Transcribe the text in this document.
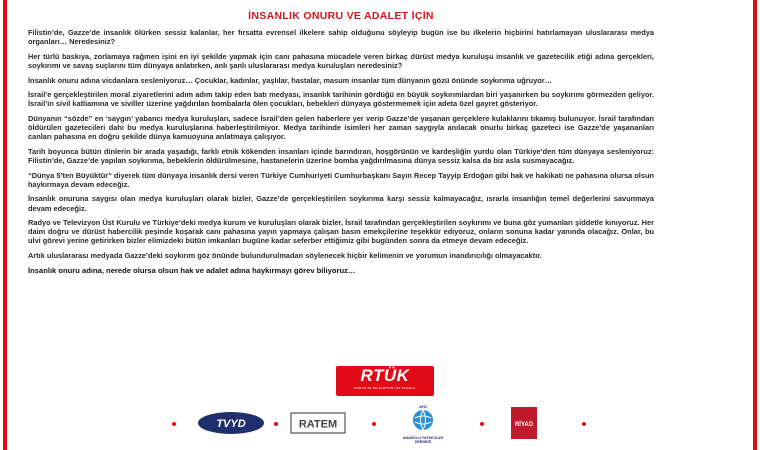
İNSANLIK ONURU VE ADALET İÇİN

Filistin’de, Gazze’de insanlık ölürken sessiz kalanlar, her fırsatta evrensel ilkelere sahip olduğunu söyleyip bugün ise bu ilkelerin hiçbirini hatırlamayan uluslararası medya organları… Neredesiniz?

Her türlü baskıya, zorlamaya rağmen işini en iyi şekilde yapmak için canı pahasına mücadele veren birkaç dürüst medya kuruluşu insanlık ve gazetecilik etiği adına gerçekleri, soykırımı ve savaş suçlarını tüm dünyaya anlatırken, anlı şanlı uluslararası medya kuruluşları neredesiniz?

İnsanlık onuru adına vicdanlara sesleniyoruz… Çocuklar, kadınlar, yaşlılar, hastalar, masum insanlar tüm dünyanın gözü önünde soykırıma uğruyor…

İsrail’e gerçekleştirilen moral ziyaretlerini adım adım takip eden batı medyası, insanlık tarihinin gördüğü en büyük soykırımlardan biri yaşanırken bu soykırımı görmezden geliyor. İsrail’in sivil katliamına ve siviller üzerine yağdırılan bombalarla ölen çocukları, bebekleri dünyaya göstermemek için adeta özel gayret gösteriyor.

Dünyanın “sözde” en ‘saygın’ yabancı medya kuruluşları, sadece İsrail’den gelen haberlere yer verip Gazze’de yaşanan gerçeklere kulaklarını tıkamış bulunuyor. İsrail tarafından öldürülen gazetecileri dahi bu medya kuruluşlarına haberleştirilmiyor. Medya tarihinde isimleri her zaman saygıyla anılacak onurlu birkaç gazeteci ise Gazze’de yaşananları canları pahasına en doğru şekilde dünya kamuoyuna anlatmaya çalışıyor.

Tarih boyunca bütün dinlerin bir arada yaşadığı, farklı etnik kökenden insanları içinde barındıran, hoşgörünün ve kardeşliğin yurdu olan Türkiye’den tüm dünyaya sesleniyoruz: Filistin’de, Gazze’de yapılan soykırıma, bebeklerin öldürülmesine, hastanelerin üzerine bomba yağdırılmasına dünya sessiz kalsa da biz asla susmayacağız.

“Dünya 5’ten Büyüktür” diyerek tüm dünyaya insanlık dersi veren Türkiye Cumhuriyeti Cumhurbaşkanı Sayın Recep Tayyip Erdoğan gibi hak ve hakikati ne pahasına olursa olsun haykırmaya devam edeceğiz.

İnsanlık onuruna saygısı olan medya kuruluşları olarak bizler, Gazze’de gerçekleştirilen soykırıma karşı sessiz kalmayacağız, ısrarla insanlığın temel değerlerini savunmaya devam edeceğiz.

Radyo ve Televizyon Üst Kurulu ve Türkiye’deki medya kurum ve kuruluşları olarak bizler, İsrail tarafından gerçekleştirilen soykırımı ve buna göz yumanları şiddetle kınıyoruz. Her daim doğru ve dürüst habercilik peşinde koşarak canı pahasına yayın yapmaya çalışan basın emekçilerine teşekkür ediyoruz, onların sonuna kadar yanında olacağız. Onlar, bu ulvi görevi yerine getirirken bizler elimizdeki bütün imkanları bugüne kadar seferber ettiğimiz gibi bugünden sonra da etmeye devam edeceğiz.

Artık uluslararası medyada Gazze’deki soykırım göz önünde bulundurulmadan söylenecek hiçbir kelimenin ve yorumun inandırıcılığı olmayacaktır.

İnsanlık onuru adına, nerede olursa olsun hak ve adalet adına haykırmayı görev biliyoruz…

RTÜK
RADYO VE TELEVİZYON ÜST KURULU
TVYD	RATEM
AYD
ANADOLU YAYINCILAR DERNEĞİ
RİYAD
